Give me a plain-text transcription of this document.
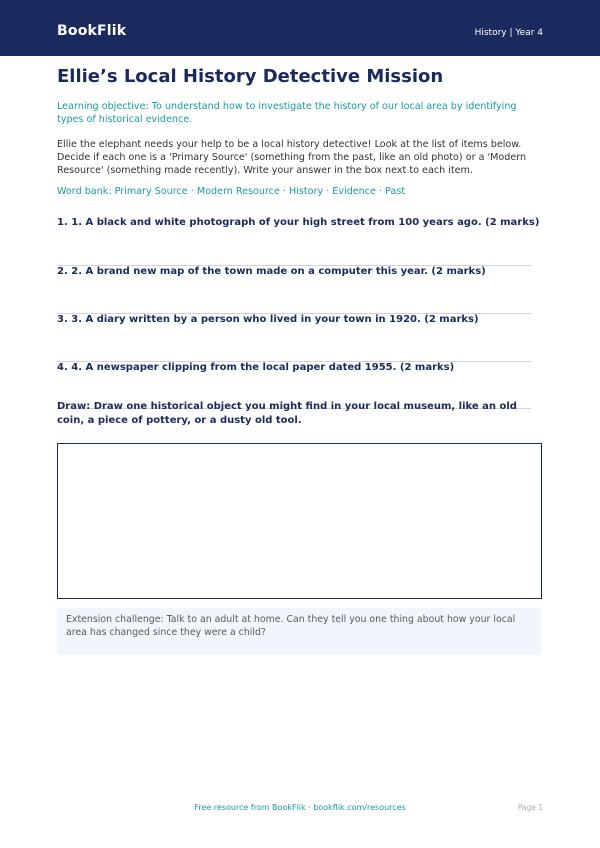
BookFlik	History | Year 4
Ellie’s Local History Detective Mission
Learning objective: To understand how to investigate the history of our local area by identifying types of historical evidence.
Ellie the elephant needs your help to be a local history detective! Look at the list of items below. Decide if each one is a 'Primary Source' (something from the past, like an old photo) or a 'Modern Resource' (something made recently). Write your answer in the box next to each item.
Word bank: Primary Source · Modern Resource · History · Evidence · Past
1. 1. A black and white photograph of your high street from 100 years ago. (2 marks)
2. 2. A brand new map of the town made on a computer this year. (2 marks)
3. 3. A diary written by a person who lived in your town in 1920. (2 marks)
4. 4. A newspaper clipping from the local paper dated 1955. (2 marks)
Draw: Draw one historical object you might find in your local museum, like an old coin, a piece of pottery, or a dusty old tool.
Extension challenge: Talk to an adult at home. Can they tell you one thing about how your local area has changed since they were a child?
Free resource from BookFlik · bookflik.com/resources	Page 1
